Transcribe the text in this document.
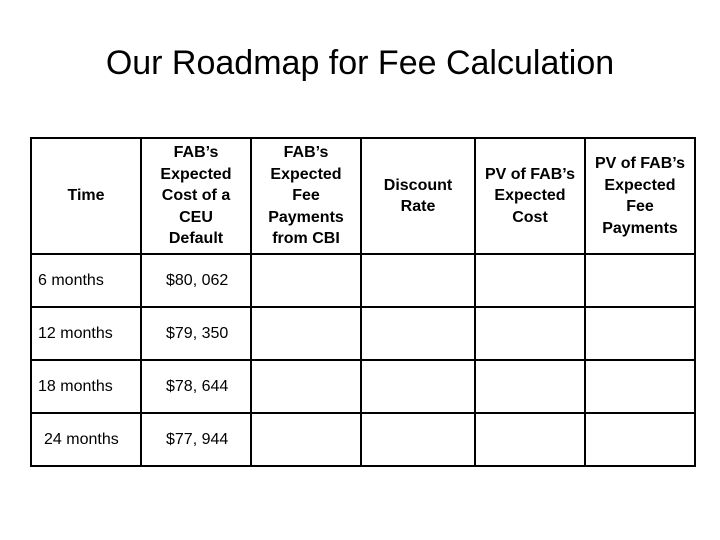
Our Roadmap for Fee Calculation
Time	FAB’s Expected Cost of a CEU Default	FAB’s Expected Fee Payments from CBI	Discount Rate	PV of FAB’s Expected Cost	PV of FAB’s Expected Fee Payments
6 months	$80, 062				
12 months	$79, 350				
18 months	$78, 644				
24 months	$77, 944				
